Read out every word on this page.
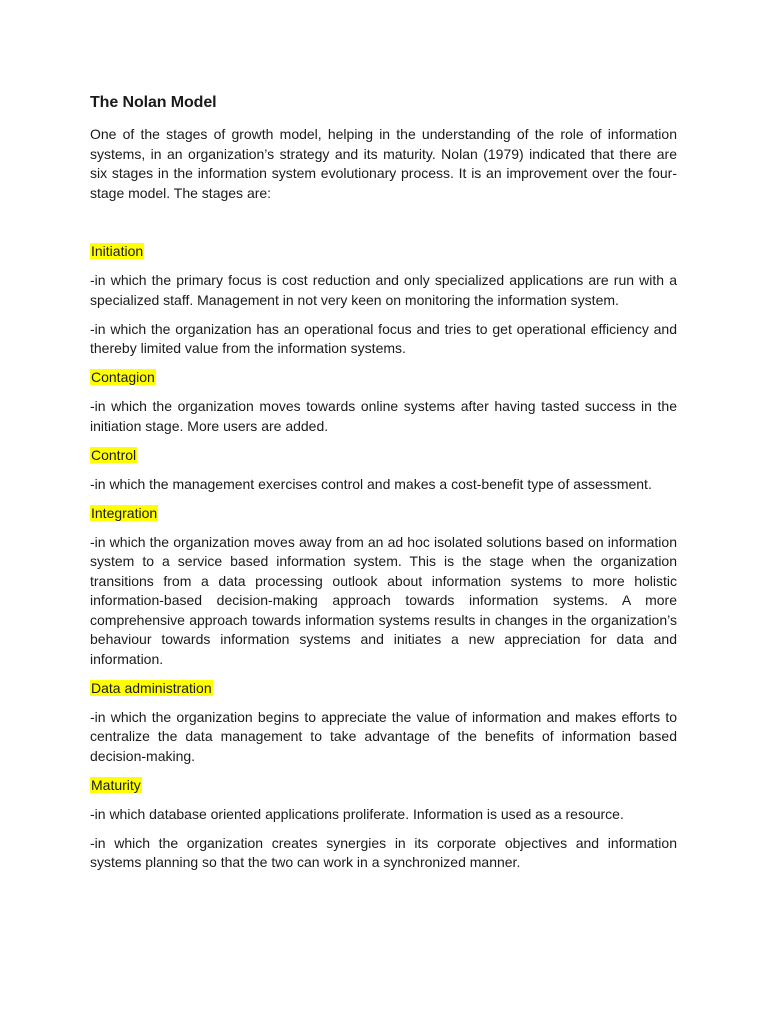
The Nolan Model

One of the stages of growth model, helping in the understanding of the role of information systems, in an organization’s strategy and its maturity. Nolan (1979) indicated that there are six stages in the information system evolutionary process. It is an improvement over the four-stage model. The stages are:

Initiation

-in which the primary focus is cost reduction and only specialized applications are run with a specialized staff. Management in not very keen on monitoring the information system.

-in which the organization has an operational focus and tries to get operational efficiency and thereby limited value from the information systems.

Contagion

-in which the organization moves towards online systems after having tasted success in the initiation stage. More users are added.

Control

-in which the management exercises control and makes a cost-benefit type of assessment.

Integration

-in which the organization moves away from an ad hoc isolated solutions based on information system to a service based information system. This is the stage when the organization transitions from a data processing outlook about information systems to more holistic information-based decision-making approach towards information systems. A more comprehensive approach towards information systems results in changes in the organization’s behaviour towards information systems and initiates a new appreciation for data and information.

Data administration

-in which the organization begins to appreciate the value of information and makes efforts to centralize the data management to take advantage of the benefits of information based decision-making.

Maturity

-in which database oriented applications proliferate. Information is used as a resource.

-in which the organization creates synergies in its corporate objectives and information systems planning so that the two can work in a synchronized manner.
